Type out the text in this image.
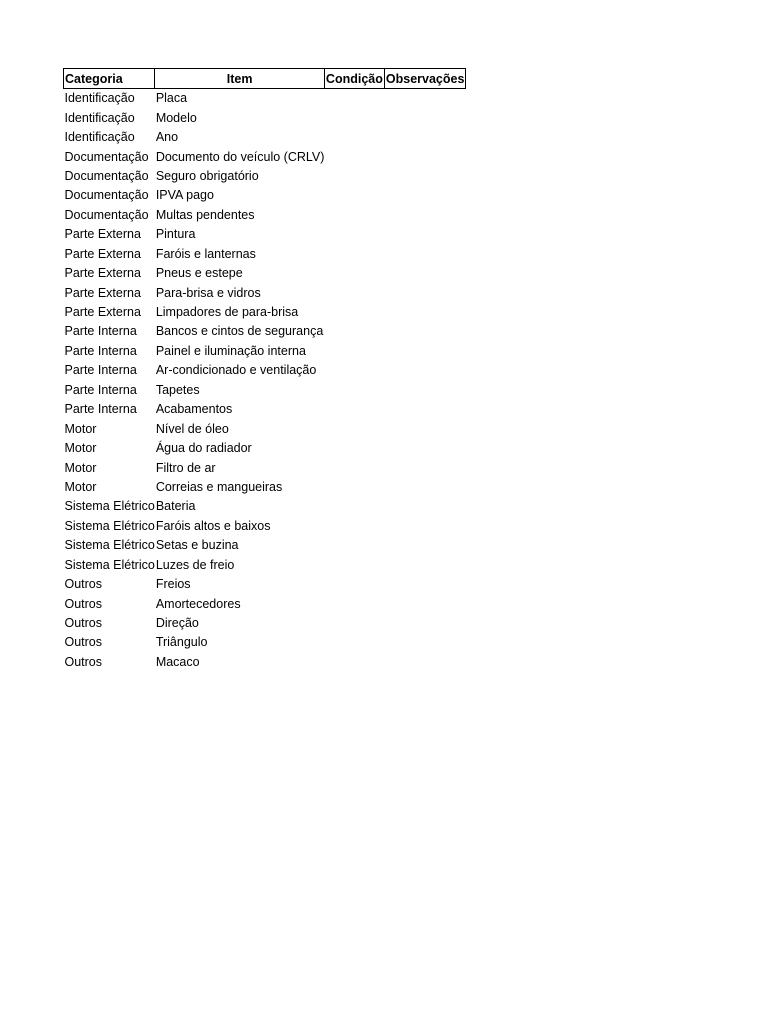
Categoria	Item	Condição	Observações
Identificação	Placa		
Identificação	Modelo		
Identificação	Ano		
Documentação	Documento do veículo (CRLV)		
Documentação	Seguro obrigatório		
Documentação	IPVA pago		
Documentação	Multas pendentes		
Parte Externa	Pintura		
Parte Externa	Faróis e lanternas		
Parte Externa	Pneus e estepe		
Parte Externa	Para-brisa e vidros		
Parte Externa	Limpadores de para-brisa		
Parte Interna	Bancos e cintos de segurança		
Parte Interna	Painel e iluminação interna		
Parte Interna	Ar-condicionado e ventilação		
Parte Interna	Tapetes		
Parte Interna	Acabamentos		
Motor	Nível de óleo		
Motor	Água do radiador		
Motor	Filtro de ar		
Motor	Correias e mangueiras		
Sistema Elétrico	Bateria		
Sistema Elétrico	Faróis altos e baixos		
Sistema Elétrico	Setas e buzina		
Sistema Elétrico	Luzes de freio		
Outros	Freios		
Outros	Amortecedores		
Outros	Direção		
Outros	Triângulo		
Outros	Macaco		
